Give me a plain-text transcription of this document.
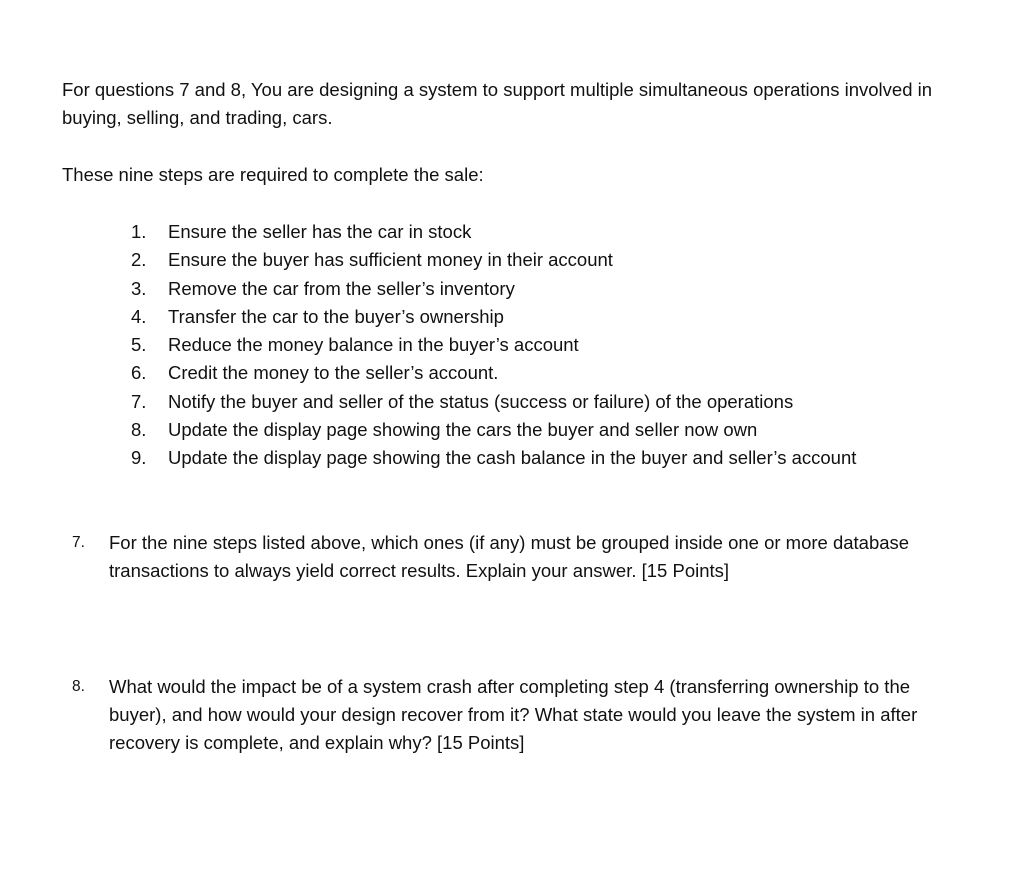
For questions 7 and 8, You are designing a system to support multiple simultaneous operations involved in buying, selling, and trading, cars.

These nine steps are required to complete the sale:

1.	Ensure the seller has the car in stock
2.	Ensure the buyer has sufficient money in their account
3.	Remove the car from the seller’s inventory
4.	Transfer the car to the buyer’s ownership
5.	Reduce the money balance in the buyer’s account
6.	Credit the money to the seller’s account.
7.	Notify the buyer and seller of the status (success or failure) of the operations
8.	Update the display page showing the cars the buyer and seller now own
9.	Update the display page showing the cash balance in the buyer and seller’s account
7.	For the nine steps listed above, which ones (if any) must be grouped inside one or more database transactions to always yield correct results. Explain your answer. [15 Points]
8.	What would the impact be of a system crash after completing step 4 (transferring ownership to the buyer), and how would your design recover from it? What state would you leave the system in after recovery is complete, and explain why? [15 Points]
